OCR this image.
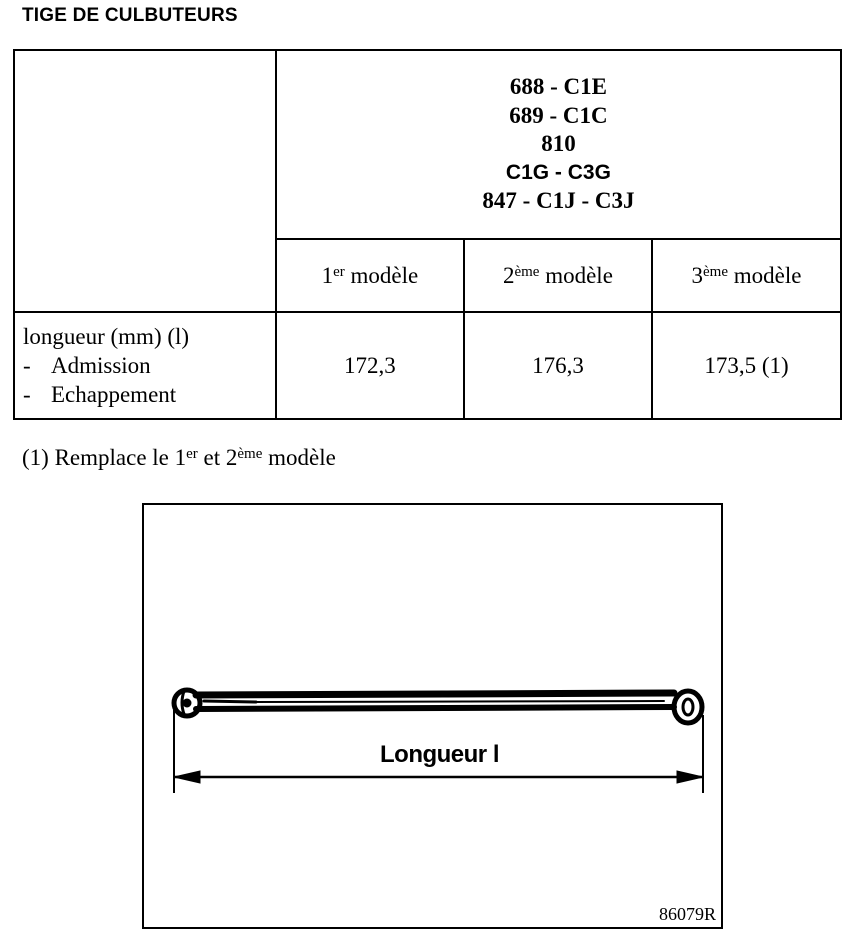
TIGE DE CULBUTEURS

	688 - C1E
689 - C1C
810
C1G - C3G
847 - C1J - C3J		

	1er modèle	2ème modèle	3ème modèle

longueur (mm) (l)
- Admission
- Echappement	172,3	176,3	173,5 (1)
(1) Remplace le 1er et 2ème modèle
Longueur l
86079R
